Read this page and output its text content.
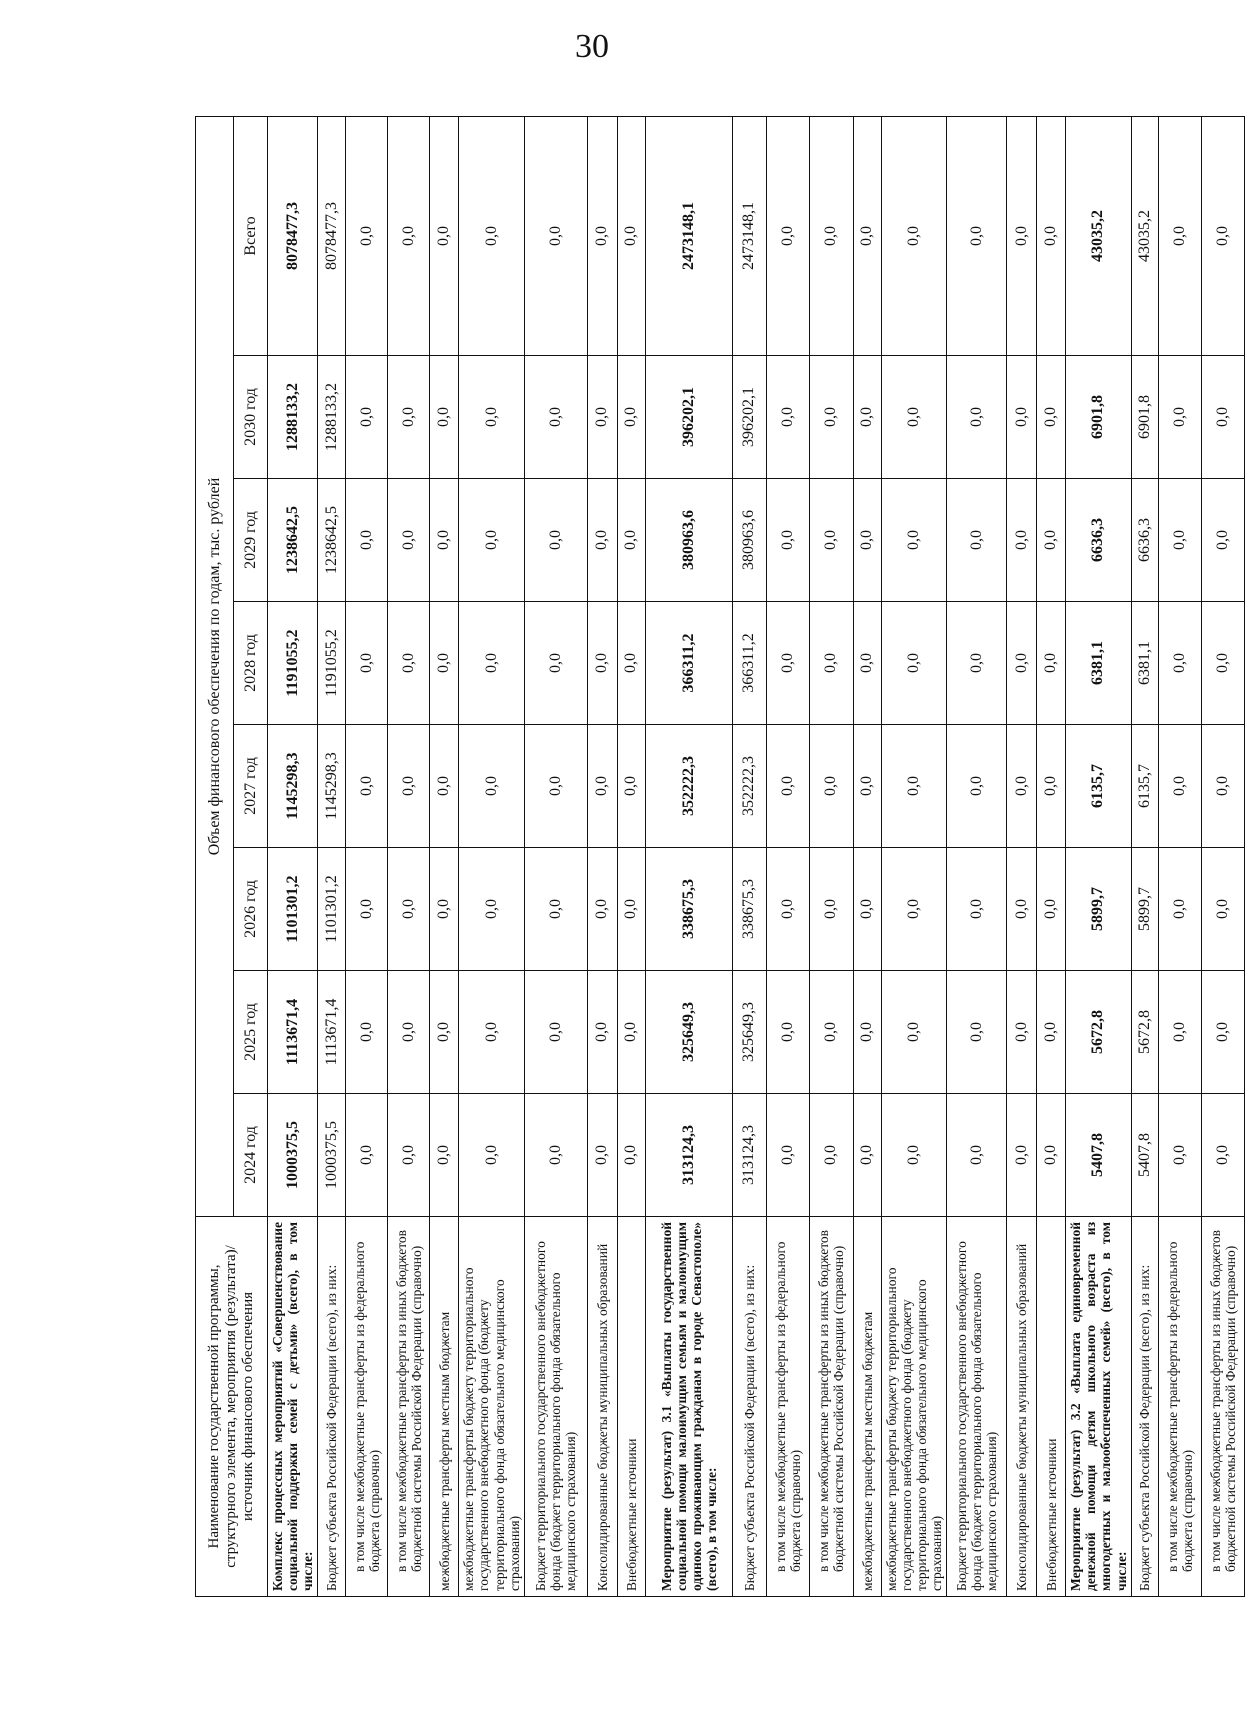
30
Наименование государственной программы, структурного элемента, мероприятия (результата)/источник финансового обеспечения	Объем финансового обеспечения по годам, тыс. рублей							
	2024 год	2025 год	2026 год	2027 год	2028 год	2029 год	2030 год	Всего
Комплекс процессных мероприятий «Совершенствование социальной поддержки семей с детьми» (всего), в том числе:	1000375,5	1113671,4	1101301,2	1145298,3	1191055,2	1238642,5	1288133,2	8078477,3
Бюджет субъекта Российской Федерации (всего), из них:	1000375,5	1113671,4	1101301,2	1145298,3	1191055,2	1238642,5	1288133,2	8078477,3
в том числе межбюджетные трансферты из федерального бюджета (справочно)	0,0	0,0	0,0	0,0	0,0	0,0	0,0	0,0
в том числе межбюджетные трансферты из иных бюджетов бюджетной системы Российской Федерации (справочно)	0,0	0,0	0,0	0,0	0,0	0,0	0,0	0,0
межбюджетные трансферты местным бюджетам	0,0	0,0	0,0	0,0	0,0	0,0	0,0	0,0
межбюджетные трансферты бюджету территориального государственного внебюджетного фонда (бюджету территориального фонда обязательного медицинского страхования)	0,0	0,0	0,0	0,0	0,0	0,0	0,0	0,0
Бюджет территориального государственного внебюджетного фонда (бюджет территориального фонда обязательного медицинского страхования)	0,0	0,0	0,0	0,0	0,0	0,0	0,0	0,0
Консолидированные бюджеты муниципальных образований	0,0	0,0	0,0	0,0	0,0	0,0	0,0	0,0
Внебюджетные источники	0,0	0,0	0,0	0,0	0,0	0,0	0,0	0,0
Мероприятие (результат) 3.1 «Выплаты государственной социальной помощи малоимущим семьям и малоимущим одиноко проживающим гражданам в городе Севастополе» (всего), в том числе:	313124,3	325649,3	338675,3	352222,3	366311,2	380963,6	396202,1	2473148,1
Бюджет субъекта Российской Федерации (всего), из них:	313124,3	325649,3	338675,3	352222,3	366311,2	380963,6	396202,1	2473148,1
в том числе межбюджетные трансферты из федерального бюджета (справочно)	0,0	0,0	0,0	0,0	0,0	0,0	0,0	0,0
в том числе межбюджетные трансферты из иных бюджетов бюджетной системы Российской Федерации (справочно)	0,0	0,0	0,0	0,0	0,0	0,0	0,0	0,0
межбюджетные трансферты местным бюджетам	0,0	0,0	0,0	0,0	0,0	0,0	0,0	0,0
межбюджетные трансферты бюджету территориального государственного внебюджетного фонда (бюджету территориального фонда обязательного медицинского страхования)	0,0	0,0	0,0	0,0	0,0	0,0	0,0	0,0
Бюджет территориального государственного внебюджетного фонда (бюджет территориального фонда обязательного медицинского страхования)	0,0	0,0	0,0	0,0	0,0	0,0	0,0	0,0
Консолидированные бюджеты муниципальных образований	0,0	0,0	0,0	0,0	0,0	0,0	0,0	0,0
Внебюджетные источники	0,0	0,0	0,0	0,0	0,0	0,0	0,0	0,0
Мероприятие (результат) 3.2 «Выплата единовременной денежной помощи детям школьного возраста из многодетных и малообеспеченных семей» (всего), в том числе:	5407,8	5672,8	5899,7	6135,7	6381,1	6636,3	6901,8	43035,2
Бюджет субъекта Российской Федерации (всего), из них:	5407,8	5672,8	5899,7	6135,7	6381,1	6636,3	6901,8	43035,2
в том числе межбюджетные трансферты из федерального бюджета (справочно)	0,0	0,0	0,0	0,0	0,0	0,0	0,0	0,0
в том числе межбюджетные трансферты из иных бюджетов бюджетной системы Российской Федерации (справочно)	0,0	0,0	0,0	0,0	0,0	0,0	0,0	0,0
